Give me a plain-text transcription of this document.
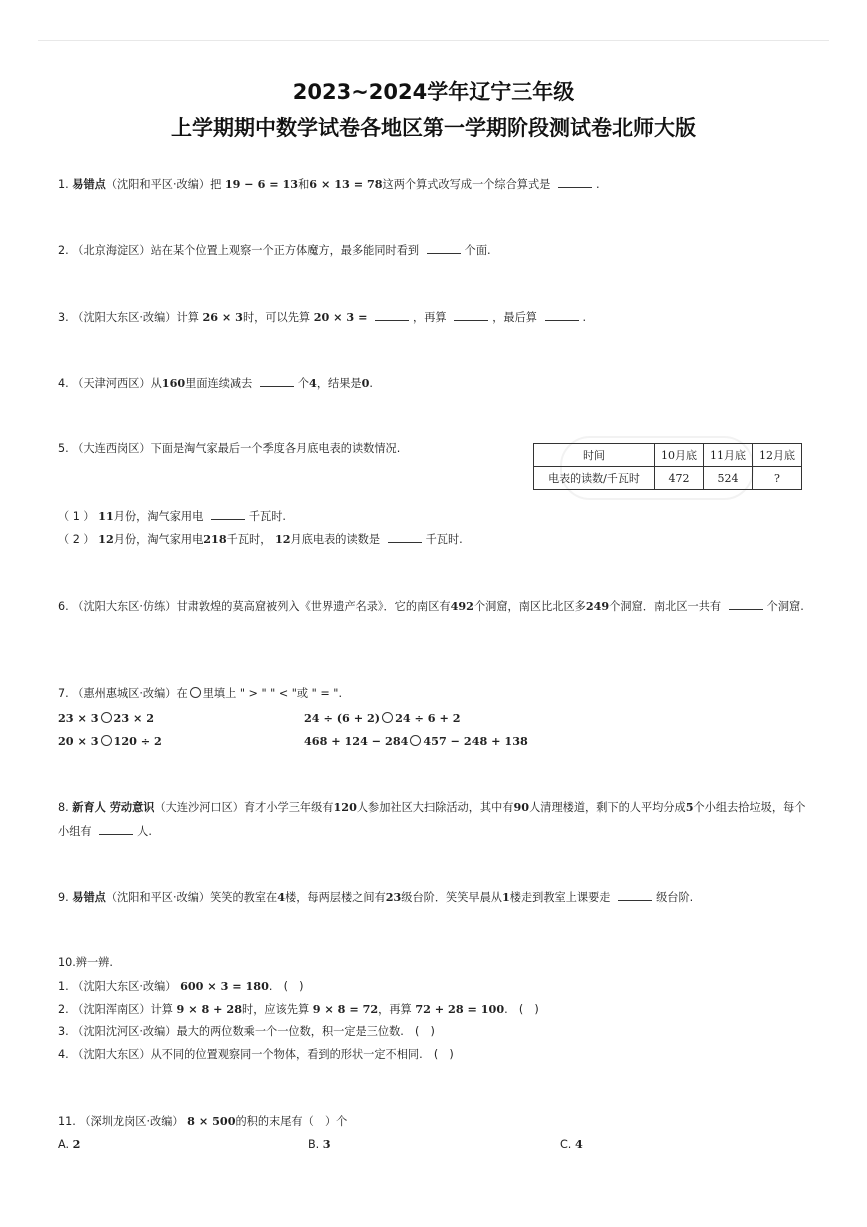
2023~2024学年辽宁三年级
上学期期中数学试卷各地区第一学期阶段测试卷北师大版
1. 易错点（沈阳和平区·改编）把 19 − 6 = 13和6 × 13 = 78这两个算式改写成一个综合算式是	.
2. （北京海淀区）站在某个位置上观察一个正方体魔方，最多能同时看到	个面.
3. （沈阳大东区·改编）计算 26 × 3时，可以先算 20 × 3 =	，再算	，最后算	.
4. （天津河西区）从160里面连续减去	个4，结果是0.
5. （大连西岗区）下面是淘气家最后一个季度各月底电表的读数情况.
时间	10月底	11月底	12月底
电表的读数/千瓦时	472	524	?
（ 1 ） 11月份，淘气家用电	千瓦时.
（ 2 ） 12月份，淘气家用电218千瓦时， 12月底电表的读数是	千瓦时.
6. （沈阳大东区·仿练）甘肃敦煌的莫高窟被列入《世界遗产名录》．它的南区有492个洞窟，南区比北区多249个洞窟．南北区一共有	个洞窟.
7. （惠州惠城区·改编）在 里填上 " > " " < "或 " = ".
23 × 3 23 × 2	24 ÷ (6 + 2) 24 ÷ 6 + 2
20 × 3 120 ÷ 2	468 + 124 − 284 457 − 248 + 138
8. 新育人 劳动意识（大连沙河口区）育才小学三年级有120人参加社区大扫除活动，其中有90人清理楼道，剩下的人平均分成5个小组去拾垃圾，每个小组有	人.
9. 易错点（沈阳和平区·改编）笑笑的教室在4楼，每两层楼之间有23级台阶．笑笑早晨从1楼走到教室上课要走	级台阶.
10.辨一辨.
1. （沈阳大东区·改编） 600 × 3 = 180.　(　)
2. （沈阳浑南区）计算 9 × 8 + 28时，应该先算 9 × 8 = 72，再算 72 + 28 = 100.　(　)
3. （沈阳沈河区·改编）最大的两位数乘一个一位数，积一定是三位数.　(　)
4. （沈阳大东区）从不同的位置观察同一个物体，看到的形状一定不相同.　(　)
11. （深圳龙岗区·改编） 8 × 500的积的末尾有（　）个
A. 2	B. 3	C. 4
